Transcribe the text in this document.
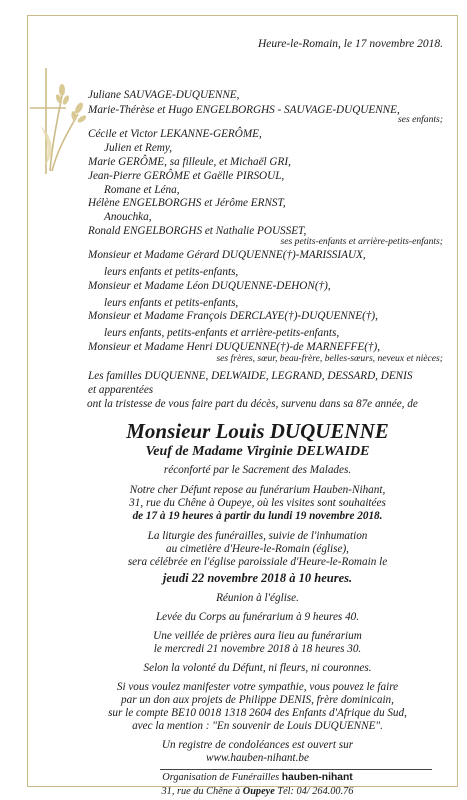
Heure-le-Romain, le 17 novembre 2018.
Juliane SAUVAGE-DUQUENNE,
Marie-Thérèse et Hugo ENGELBORGHS - SAUVAGE-DUQUENNE,
ses enfants;
Cécile et Victor LEKANNE-GERÔME,
Julien et Remy,
Marie GERÔME, sa filleule, et Michaël GRI,
Jean-Pierre GERÔME et Gaëlle PIRSOUL,
Romane et Léna,
Hélène ENGELBORGHS et Jérôme ERNST,
Anouchka,
Ronald ENGELBORGHS et Nathalie POUSSET,
ses petits-enfants et arrière-petits-enfants;
Monsieur et Madame Gérard DUQUENNE(†)-MARISSIAUX,
leurs enfants et petits-enfants,
Monsieur et Madame Léon DUQUENNE-DEHON(†),
leurs enfants et petits-enfants,
Monsieur et Madame François DERCLAYE(†)-DUQUENNE(†),
leurs enfants, petits-enfants et arrière-petits-enfants,
Monsieur et Madame Henri DUQUENNE(†)-de MARNEFFE(†),
ses frères, sœur, beau-frère, belles-sœurs, neveux et nièces;
Les familles DUQUENNE, DELWAIDE, LEGRAND, DESSARD, DENIS
et apparentées
ont la tristesse de vous faire part du décès, survenu dans sa 87e année, de
Monsieur Louis DUQUENNE
Veuf de Madame Virginie DELWAIDE
réconforté par le Sacrement des Malades.
Notre cher Défunt repose au funérarium Hauben-Nihant,
31, rue du Chêne à Oupeye, où les visites sont souhaitées
de 17 à 19 heures à partir du lundi 19 novembre 2018.
La liturgie des funérailles, suivie de l'inhumation
au cimetière d'Heure-le-Romain (église),
sera célébrée en l'église paroissiale d'Heure-le-Romain le
jeudi 22 novembre 2018 à 10 heures.
Réunion à l'église.
Levée du Corps au funérarium à 9 heures 40.
Une veillée de prières aura lieu au funérarium
le mercredi 21 novembre 2018 à 18 heures 30.
Selon la volonté du Défunt, ni fleurs, ni couronnes.
Si vous voulez manifester votre sympathie, vous pouvez le faire
par un don aux projets de Philippe DENIS, frère dominicain,
sur le compte BE10 0018 1318 2604 des Enfants d'Afrique du Sud,
avec la mention : "En souvenir de Louis DUQUENNE".
Un registre de condoléances est ouvert sur
www.hauben-nihant.be
Organisation de Funérailles hauben-nihant
31, rue du Chêne à Oupeye Tél: 04/ 264.00.76
